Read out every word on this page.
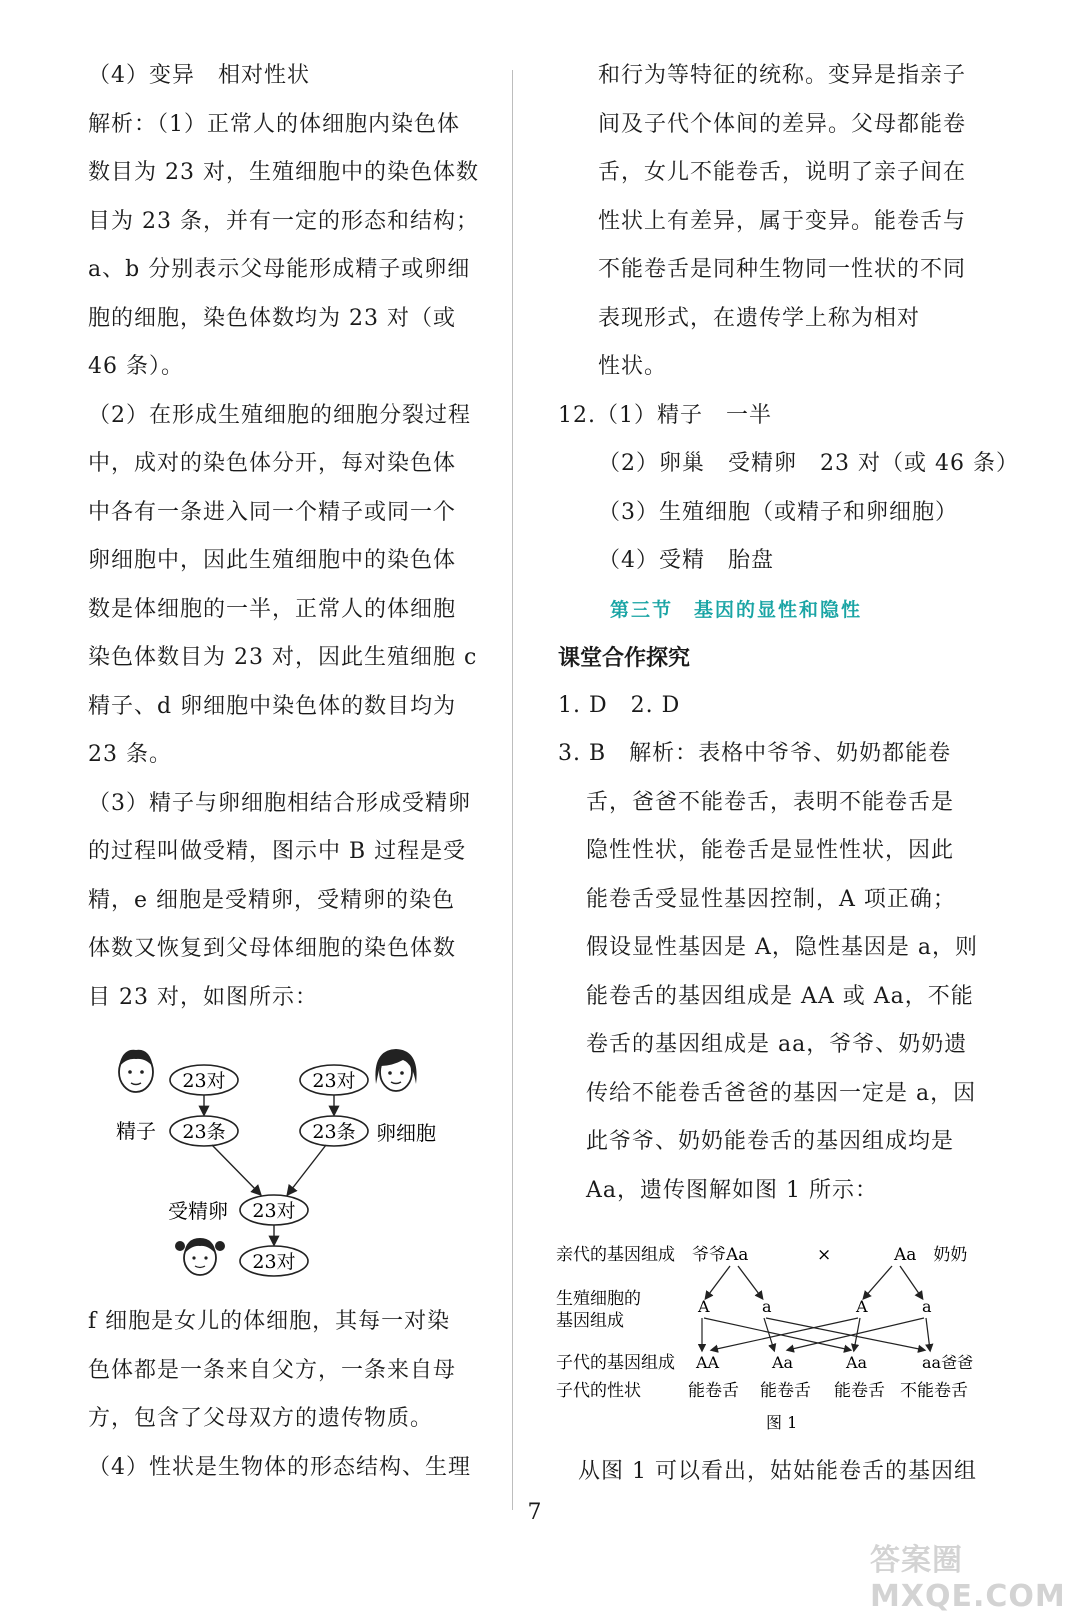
（4）变异　相对性状
解析：（1）正常人的体细胞内染色体
数目为 23 对，生殖细胞中的染色体数
目为 23 条，并有一定的形态和结构；
a、b 分别表示父母能形成精子或卵细
胞的细胞，染色体数均为 23 对（或
46 条）。
（2）在形成生殖细胞的细胞分裂过程
中，成对的染色体分开，每对染色体
中各有一条进入同一个精子或同一个
卵细胞中，因此生殖细胞中的染色体
数是体细胞的一半，正常人的体细胞
染色体数目为 23 对，因此生殖细胞 c
精子、d 卵细胞中染色体的数目均为
23 条。
（3）精子与卵细胞相结合形成受精卵
的过程叫做受精，图示中 B 过程是受
精，e 细胞是受精卵，受精卵的染色
体数又恢复到父母体细胞的染色体数
目 23 对，如图所示：
23对	23对
精子 23条	23条 卵细胞
受精卵 23对
23对
f 细胞是女儿的体细胞，其每一对染
色体都是一条来自父方，一条来自母
方，包含了父母双方的遗传物质。
（4）性状是生物体的形态结构、生理
和行为等特征的统称。变异是指亲子
间及子代个体间的差异。父母都能卷
舌，女儿不能卷舌，说明了亲子间在
性状上有差异，属于变异。能卷舌与
不能卷舌是同种生物同一性状的不同
表现形式，在遗传学上称为相对
性状。
12.（1）精子　一半
（2）卵巢　受精卵　23 对（或 46 条）
（3）生殖细胞（或精子和卵细胞）
（4）受精　胎盘
第三节　基因的显性和隐性
课堂合作探究
1. D　2. D
3. B　解析：表格中爷爷、奶奶都能卷
舌，爸爸不能卷舌，表明不能卷舌是
隐性性状，能卷舌是显性性状，因此
能卷舌受显性基因控制，A 项正确；
假设显性基因是 A，隐性基因是 a，则
能卷舌的基因组成是 AA 或 Aa，不能
卷舌的基因组成是 aa，爷爷、奶奶遗
传给不能卷舌爸爸的基因一定是 a，因
此爷爷、奶奶能卷舌的基因组成均是
Aa，遗传图解如图 1 所示：
亲代的基因组成 爷爷Aa	×	Aa　奶奶
生殖细胞的
基因组成
A	a	A	a
子代的基因组成 AA	Aa	Aa	aa爸爸
子代的性状	能卷舌 能卷舌 能卷舌 不能卷舌
图 1
从图 1 可以看出，姑姑能卷舌的基因组
7
答案圈 MXQE.COM
